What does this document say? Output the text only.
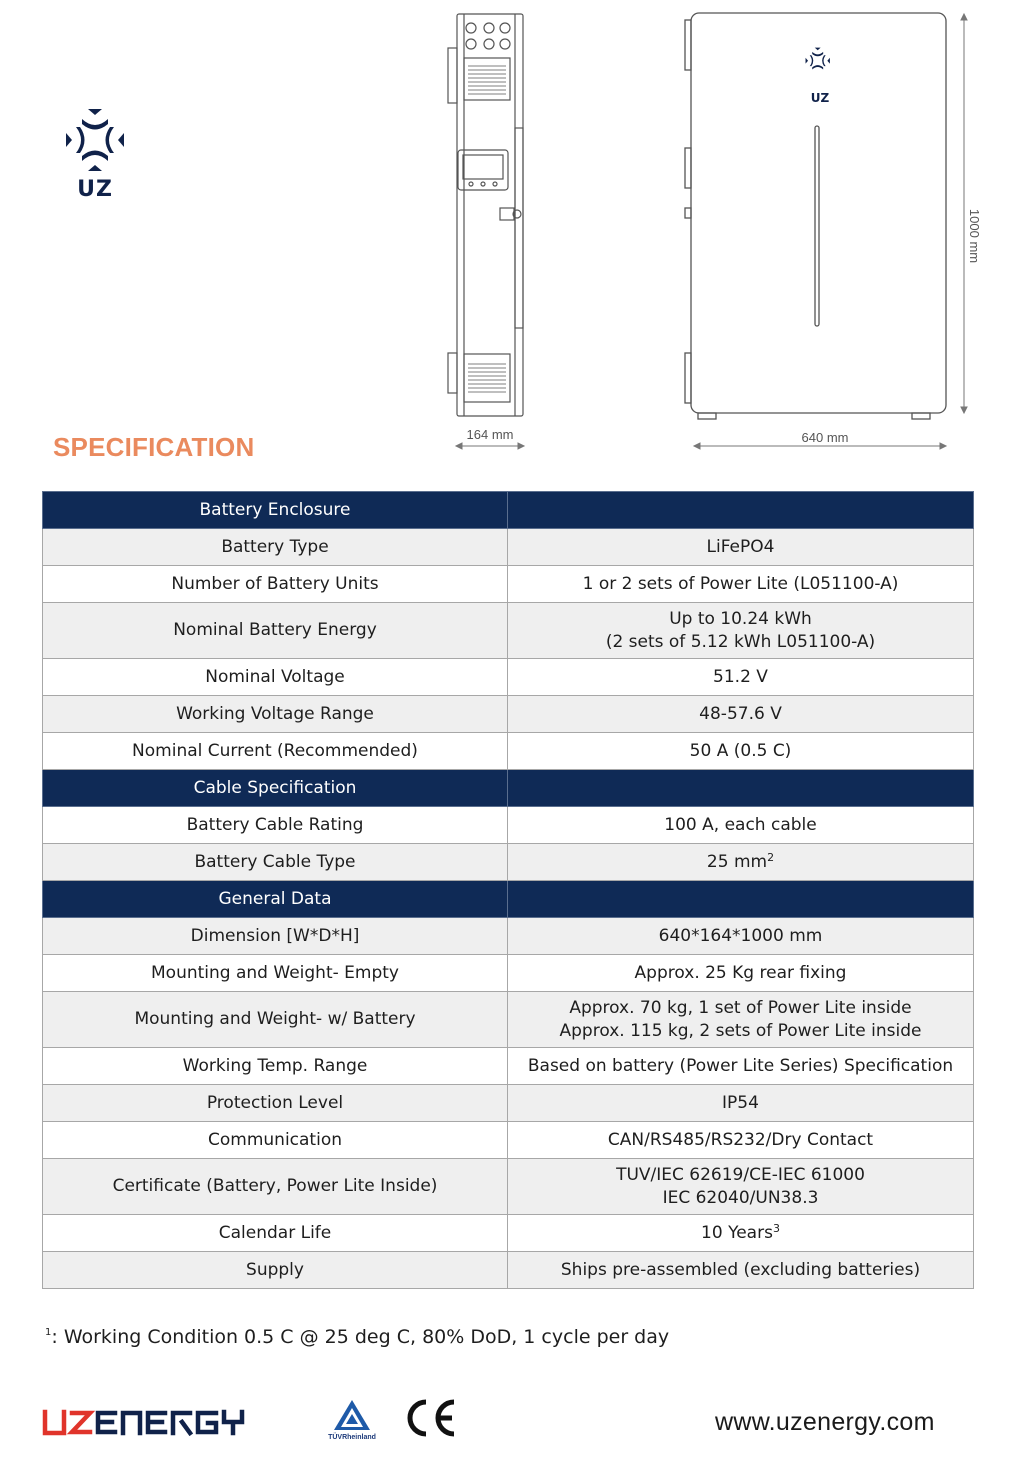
UZ
164 mm
UZ
640 mm
1000 mm
SPECIFICATION
Battery Enclosure	
Battery Type	LiFePO4
Number of Battery Units	1 or 2 sets of Power Lite (L051100-A)
Nominal Battery Energy	Up to 10.24 kWh
(2 sets of 5.12 kWh L051100-A)

Nominal Voltage	51.2 V
Working Voltage Range	48-57.6 V
Nominal Current (Recommended)	50 A (0.5 C)
Cable Specification	
Battery Cable Rating	100 A, each cable
Battery Cable Type	25 $mm^2$
General Data	
Dimension [W*D*H]	640*164*1000 mm
Mounting and Weight- Empty	Approx. 25 Kg rear fixing
Mounting and Weight- w/ Battery	Approx. 70 kg, 1 set of Power Lite inside
Approx. 115 kg, 2 sets of Power Lite inside

Working Temp. Range	Based on battery (Power Lite Series) Specification
Protection Level	IP54
Communication	CAN/RS485/RS232/Dry Contact
Certificate (Battery, Power Lite Inside)	TUV/IEC 62619/CE-IEC 61000
IEC 62040/UN38.3

Calendar Life	10 Years$^3$
Supply	Ships pre-assembled (excluding batteries)
$^1$: Working Condition 0.5 C @ 25 deg C, 80% DoD, 1 cycle per day
TÜVRheinland
www.uzenergy.com
